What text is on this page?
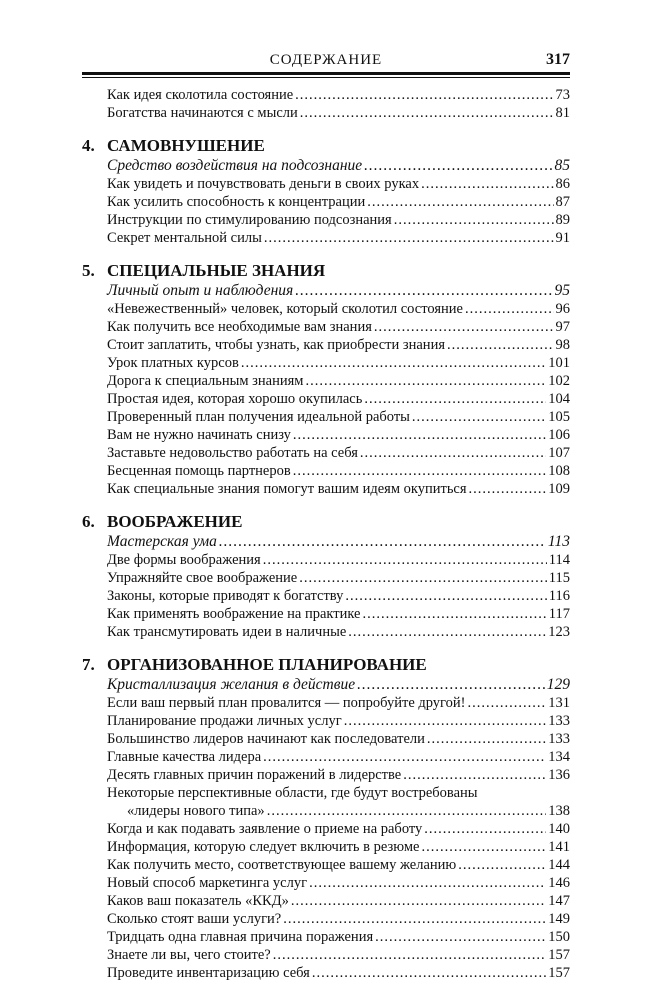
СОДЕРЖАНИЕ	317
Как идея сколотила состояние .....	73
Богатства начинаются с мысли .....	81
4. САМОВНУШЕНИЕ
Средство воздействия на подсознание .....	85
Как увидеть и почувствовать деньги в своих руках .....	86
Как усилить способность к концентрации .....	87
Инструкции по стимулированию подсознания .....	89
Секрет ментальной силы .....	91
5. СПЕЦИАЛЬНЫЕ ЗНАНИЯ
Личный опыт и наблюдения .....	95
«Невежественный» человек, который сколотил состояние .....	96
Как получить все необходимые вам знания .....	97
Стоит заплатить, чтобы узнать, как приобрести знания .....	98
Урок платных курсов .....	101
Дорога к специальным знаниям .....	102
Простая идея, которая хорошо окупилась .....	104
Проверенный план получения идеальной работы .....	105
Вам не нужно начинать снизу .....	106
Заставьте недовольство работать на себя .....	107
Бесценная помощь партнеров .....	108
Как специальные знания помогут вашим идеям окупиться .....	109
6. ВООБРАЖЕНИЕ
Мастерская ума .....	113
Две формы воображения .....	114
Упражняйте свое воображение .....	115
Законы, которые приводят к богатству .....	116
Как применять воображение на практике .....	117
Как трансмутировать идеи в наличные .....	123
7. ОРГАНИЗОВАННОЕ ПЛАНИРОВАНИЕ
Кристаллизация желания в действие .....	129
Если ваш первый план провалится — попробуйте другой! .....	131
Планирование продажи личных услуг .....	133
Большинство лидеров начинают как последователи .....	133
Главные качества лидера .....	134
Десять главных причин поражений в лидерстве .....	136
Некоторые перспективные области, где будут востребованы
«лидеры нового типа» .....	138
Когда и как подавать заявление о приеме на работу .....	140
Информация, которую следует включить в резюме .....	141
Как получить место, соответствующее вашему желанию .....	144
Новый способ маркетинга услуг .....	146
Каков ваш показатель «ККД» .....	147
Сколько стоят ваши услуги? .....	149
Тридцать одна главная причина поражения .....	150
Знаете ли вы, чего стоите? .....	157
Проведите инвентаризацию себя .....	157
